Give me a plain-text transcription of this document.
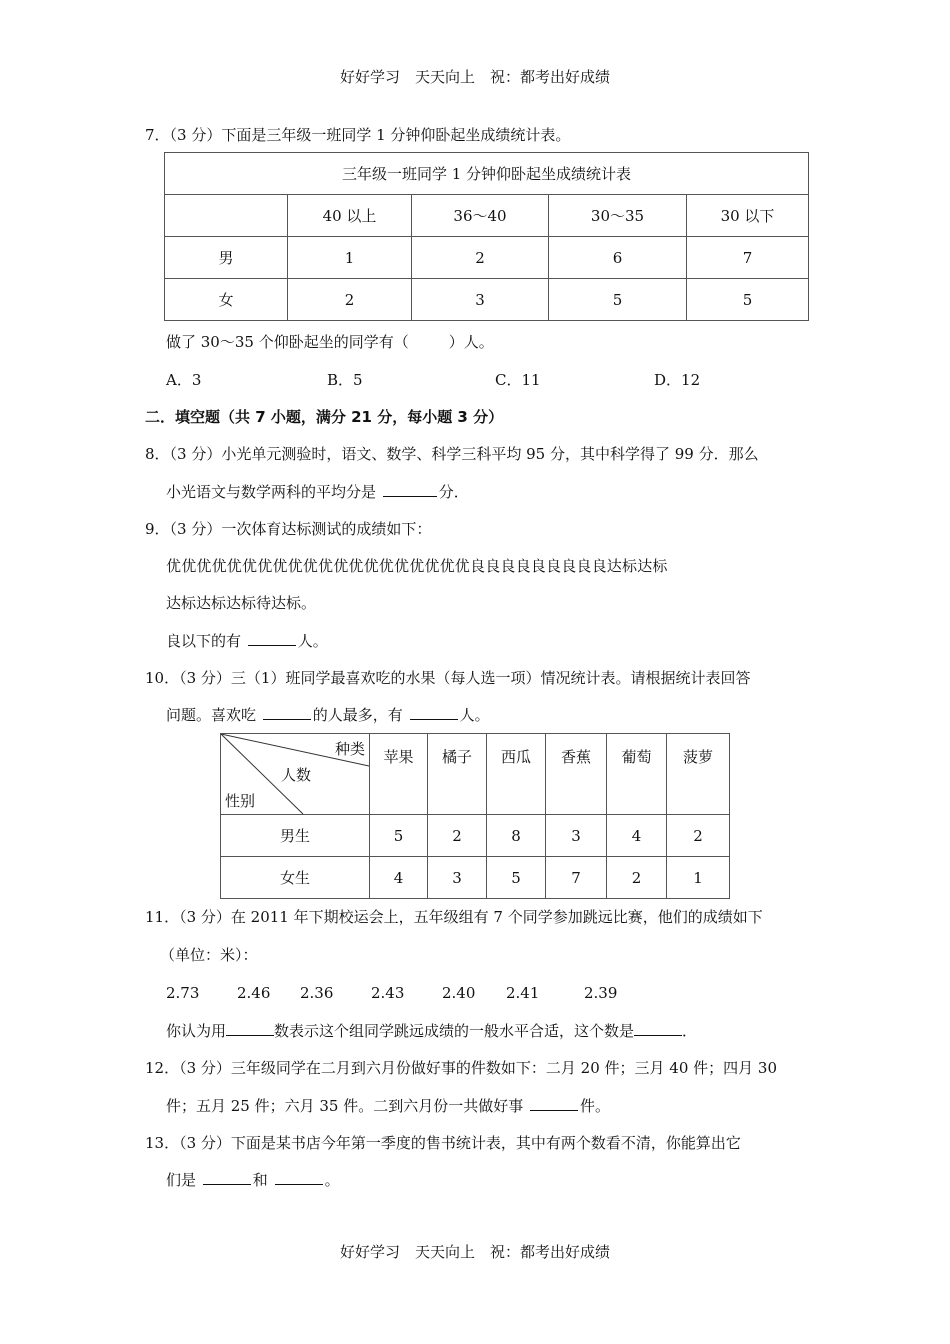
好好学习　天天向上　祝：都考出好成绩
7．（3 分）下面是三年级一班同学 1 分钟仰卧起坐成绩统计表。
三年级一班同学 1 分钟仰卧起坐成绩统计表				
	40 以上	36～40	30～35	30 以下
男	1	2	6	7
女	2	3	5	5
做了 30～35 个仰卧起坐的同学有（	）人。
A．3	B．5	C．11	D．12
二．填空题（共 7 小题，满分 21 分，每小题 3 分）
8．（3 分）小光单元测验时，语文、数学、科学三科平均 95 分，其中科学得了 99 分．那么
小光语文与数学两科的平均分是	分．
9．（3 分）一次体育达标测试的成绩如下：
优优优优优优优优优优优优优优优优优优优优良良良良良良良良良达标达标
达标达标达标待达标。
良以下的有	人。
10．（3 分）三（1）班同学最喜欢吃的水果（每人选一项）情况统计表。请根据统计表回答
问题。喜欢吃	的人最多，有	人。
种类
人数
性别	苹果	橘子	西瓜	香蕉	葡萄	菠萝
男生	5	2	8	3	4	2
女生	4	3	5	7	2	1
11．（3 分）在 2011 年下期校运会上，五年级组有 7 个同学参加跳远比赛，他们的成绩如下
（单位：米）：
2.73	2.46 2.36	2.43	2.40 2.41	2.39
你认为用	数表示这个组同学跳远成绩的一般水平合适，这个数是	．
12．（3 分）三年级同学在二月到六月份做好事的件数如下：二月 20 件；三月 40 件；四月 30
件；五月 25 件；六月 35 件。二到六月份一共做好事	件。
13．（3 分）下面是某书店今年第一季度的售书统计表，其中有两个数看不清，你能算出它
们是	和	。
好好学习　天天向上　祝：都考出好成绩
